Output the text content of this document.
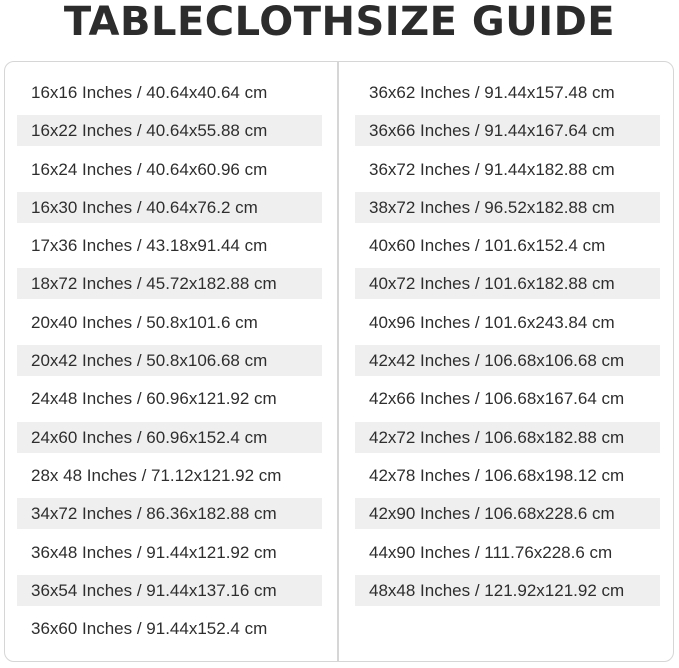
TABLECLOTHSIZE GUIDE
16x16 Inches / 40.64x40.64 cm
16x22 Inches / 40.64x55.88 cm
16x24 Inches / 40.64x60.96 cm
16x30 Inches / 40.64x76.2 cm
17x36 Inches / 43.18x91.44 cm
18x72 Inches / 45.72x182.88 cm
20x40 Inches / 50.8x101.6 cm
20x42 Inches / 50.8x106.68 cm
24x48 Inches / 60.96x121.92 cm
24x60 Inches / 60.96x152.4 cm
28x 48 Inches / 71.12x121.92 cm
34x72 Inches / 86.36x182.88 cm
36x48 Inches / 91.44x121.92 cm
36x54 Inches / 91.44x137.16 cm
36x60 Inches / 91.44x152.4 cm
36x62 Inches / 91.44x157.48 cm
36x66 Inches / 91.44x167.64 cm
36x72 Inches / 91.44x182.88 cm
38x72 Inches / 96.52x182.88 cm
40x60 Inches / 101.6x152.4 cm
40x72 Inches / 101.6x182.88 cm
40x96 Inches / 101.6x243.84 cm
42x42 Inches / 106.68x106.68 cm
42x66 Inches / 106.68x167.64 cm
42x72 Inches / 106.68x182.88 cm
42x78 Inches / 106.68x198.12 cm
42x90 Inches / 106.68x228.6 cm
44x90 Inches / 111.76x228.6 cm
48x48 Inches / 121.92x121.92 cm
